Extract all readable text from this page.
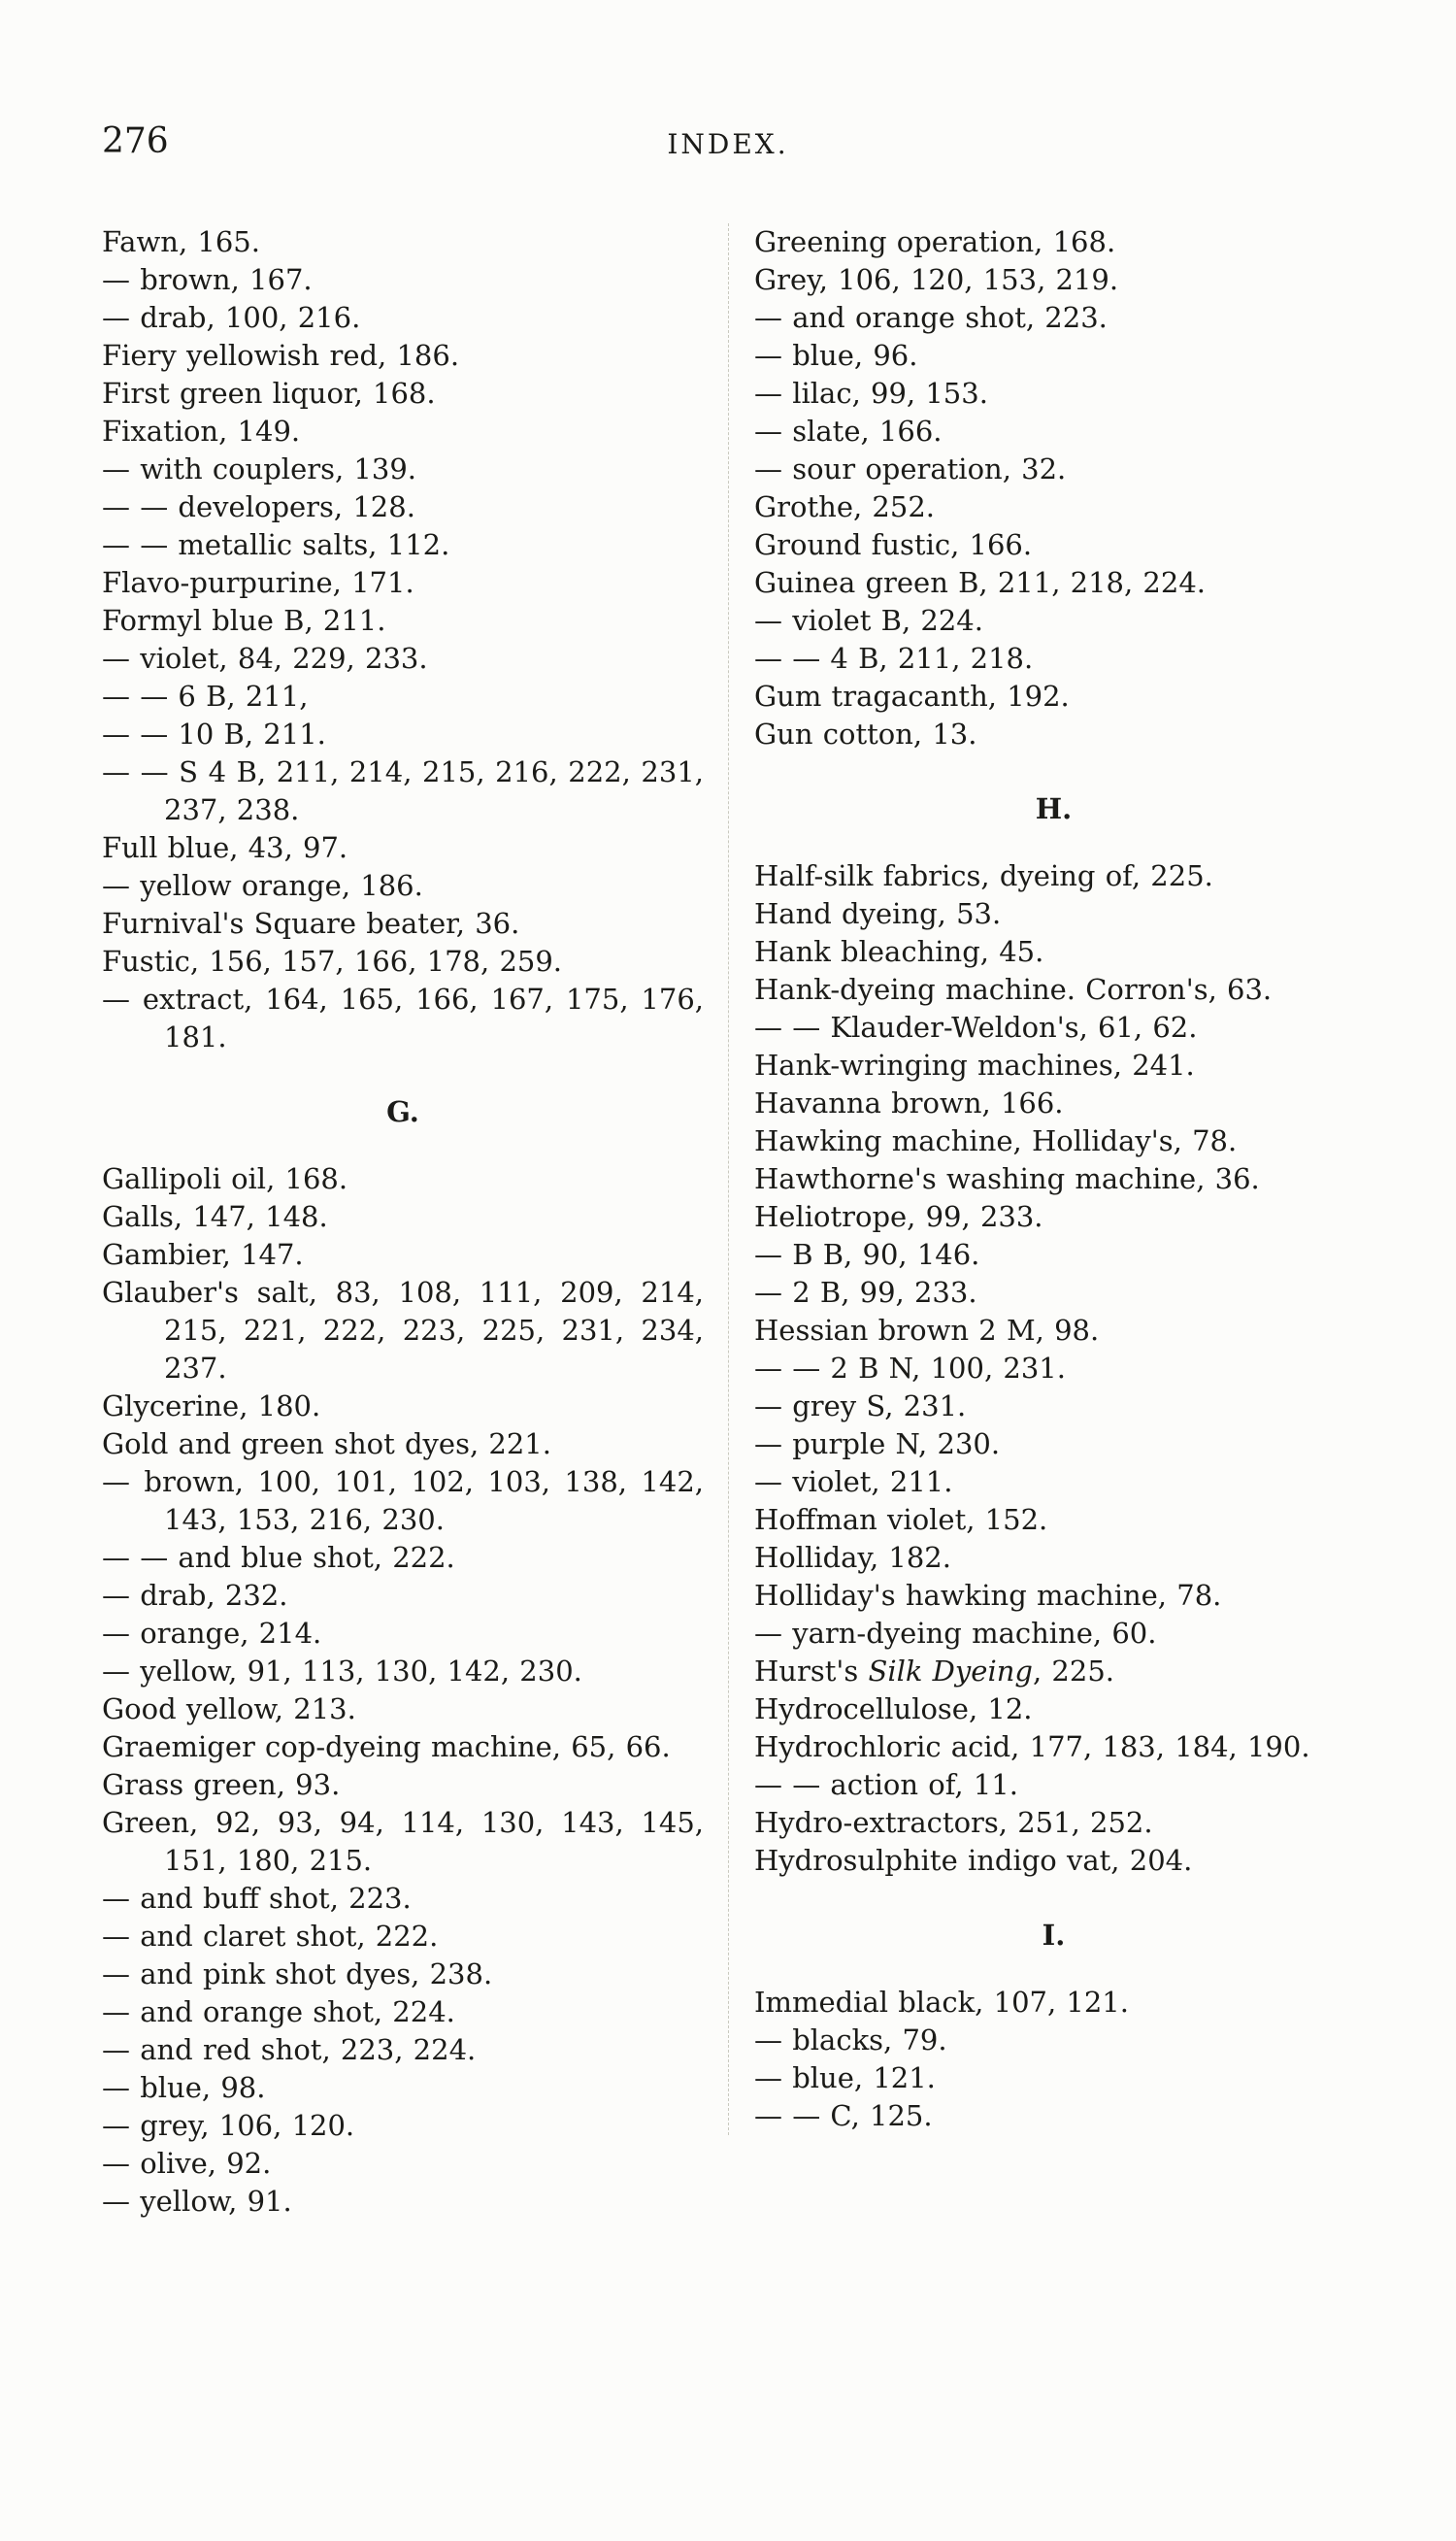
276	INDEX.
Fawn, 165.
— brown, 167.
— drab, 100, 216.
Fiery yellowish red, 186.
First green liquor, 168.
Fixation, 149.
— with couplers, 139.
— — developers, 128.
— — metallic salts, 112.
Flavo-purpurine, 171.
Formyl blue B, 211.
— violet, 84, 229, 233.
— — 6 B, 211,
— — 10 B, 211.
— — S 4 B, 211, 214, 215, 216, 222, 231, 237, 238.
Full blue, 43, 97.
— yellow orange, 186.
Furnival's Square beater, 36.
Fustic, 156, 157, 166, 178, 259.
— extract, 164, 165, 166, 167, 175, 176, 181.
G.
Gallipoli oil, 168.
Galls, 147, 148.
Gambier, 147.
Glauber's salt, 83, 108, 111, 209, 214, 215, 221, 222, 223, 225, 231, 234, 237.
Glycerine, 180.
Gold and green shot dyes, 221.
— brown, 100, 101, 102, 103, 138, 142, 143, 153, 216, 230.
— — and blue shot, 222.
— drab, 232.
— orange, 214.
— yellow, 91, 113, 130, 142, 230.
Good yellow, 213.
Graemiger cop-dyeing machine, 65, 66.
Grass green, 93.
Green, 92, 93, 94, 114, 130, 143, 145, 151, 180, 215.
— and buff shot, 223.
— and claret shot, 222.
— and pink shot dyes, 238.
— and orange shot, 224.
— and red shot, 223, 224.
— blue, 98.
— grey, 106, 120.
— olive, 92.
— yellow, 91.
Greening operation, 168.
Grey, 106, 120, 153, 219.
— and orange shot, 223.
— blue, 96.
— lilac, 99, 153.
— slate, 166.
— sour operation, 32.
Grothe, 252.
Ground fustic, 166.
Guinea green B, 211, 218, 224.
— violet B, 224.
— — 4 B, 211, 218.
Gum tragacanth, 192.
Gun cotton, 13.
H.
Half-silk fabrics, dyeing of, 225.
Hand dyeing, 53.
Hank bleaching, 45.
Hank-dyeing machine. Corron's, 63.
— — Klauder-Weldon's, 61, 62.
Hank-wringing machines, 241.
Havanna brown, 166.
Hawking machine, Holliday's, 78.
Hawthorne's washing machine, 36.
Heliotrope, 99, 233.
— B B, 90, 146.
— 2 B, 99, 233.
Hessian brown 2 M, 98.
— — 2 B N, 100, 231.
— grey S, 231.
— purple N, 230.
— violet, 211.
Hoffman violet, 152.
Holliday, 182.
Holliday's hawking machine, 78.
— yarn-dyeing machine, 60.
Hurst's Silk Dyeing, 225.
Hydrocellulose, 12.
Hydrochloric acid, 177, 183, 184, 190.
— — action of, 11.
Hydro-extractors, 251, 252.
Hydrosulphite indigo vat, 204.
I.
Immedial black, 107, 121.
— blacks, 79.
— blue, 121.
— — C, 125.
